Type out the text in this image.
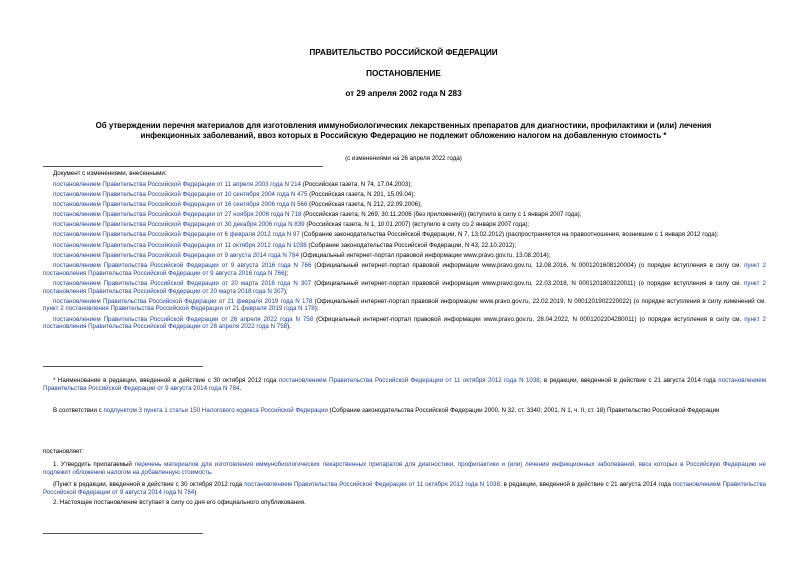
ПРАВИТЕЛЬСТВО РОССИЙСКОЙ ФЕДЕРАЦИИ
ПОСТАНОВЛЕНИЕ
от 29 апреля 2002 года N 283
Об утверждении перечня материалов для изготовления иммунобиологических лекарственных препаратов для диагностики, профилактики и (или) лечения инфекционных заболеваний, ввоз которых в Российскую Федерацию не подлежит обложению налогом на добавленную стоимость *
(с изменениями на 26 апреля 2022 года)
Документ с изменениями, внесенными:
постановлением Правительства Российской Федерации от 11 апреля 2003 года N 214 (Российская газета, N 74, 17.04.2003);
постановлением Правительства Российской Федерации от 10 сентября 2004 года N 475 (Российская газета, N 201, 15.09.04);
постановлением Правительства Российской Федерации от 16 сентября 2006 года N 566 (Российская газета, N 212, 22.09.2006);
постановлением Правительства Российской Федерации от 27 ноября 2006 года N 718 (Российская газета, N 269, 30.11.2006 (без приложений)) (вступило в силу с 1 января 2007 года);
постановлением Правительства Российской Федерации от 30 декабря 2006 года N 839 (Российская газета, N 1, 10.01.2007) (вступило в силу со 2 января 2007 года);
постановлением Правительства Российской Федерации от 6 февраля 2012 года N 97 (Собрание законодательства Российской Федерации, N 7, 13.02.2012) (распространяется на правоотношения, возникшие с 1 января 2012 года);
постановлением Правительства Российской Федерации от 11 октября 2012 года N 1038 (Собрание законодательства Российской Федерации, N 43, 22.10.2012);
постановлением Правительства Российской Федерации от 9 августа 2014 года N 784 (Официальный интернет-портал правовой информации www.pravo.gov.ru, 13.08.2014);
постановлением Правительства Российской Федерации от 9 августа 2016 года N 766 (Официальный интернет-портал правовой информации www.pravo.gov.ru, 12.08.2016, N 0001201608120004) (о порядке вступления в силу см. пункт 2 постановления Правительства Российской Федерации от 9 августа 2016 года N 766);
постановлением Правительства Российской Федерации от 20 марта 2018 года N 307 (Официальный интернет-портал правовой информации www.pravo.gov.ru, 22.03.2018, N 0001201803220011) (о порядке вступления в силу см. пункт 2 постановления Правительства Российской Федерации от 20 марта 2018 года N 307);
постановлением Правительства Российской Федерации от 21 февраля 2019 года N 178 (Официальный интернет-портал правовой информации www.pravo.gov.ru, 22.02.2019, N 0001201902220022) (о порядке вступления в силу изменений см. пункт 2 постановления Правительства Российской Федерации от 21 февраля 2019 года N 178);
постановлением Правительства Российской Федерации от 26 апреля 2022 года N 758 (Официальный интернет-портал правовой информации www.pravo.gov.ru, 28.04.2022, N 0001202204280011) (о порядке вступления в силу см. пункт 2 постановления Правительства Российской Федерации от 26 апреля 2022 года N 758).
* Наименование в редакции, введенной в действие с 30 октября 2012 года постановлением Правительства Российской Федерации от 11 октября 2012 года N 1038; в редакции, введенной в действие с 21 августа 2014 года постановлением Правительства Российской Федерации от 9 августа 2014 года N 784.
В соответствии с подпунктом 3 пункта 1 статьи 150 Налогового кодекса Российской Федерации (Собрание законодательства Российской Федерации 2000, N 32, ст. 3340; 2001, N 1, ч. II, ст. 18) Правительство Российской Федерации
постановляет:
1. Утвердить прилагаемый перечень материалов для изготовления иммунобиологических лекарственных препаратов для диагностики, профилактики и (или) лечения инфекционных заболеваний, ввоз которых в Российскую Федерацию не подлежит обложению налогом на добавленную стоимость.
(Пункт в редакции, введенной в действие с 30 октября 2012 года постановлением Правительства Российской Федерации от 11 октября 2012 года N 1038; в редакции, введенной в действие с 21 августа 2014 года постановлением Правительства Российской Федерации от 9 августа 2014 года N 784)
2. Настоящее постановление вступает в силу со дня его официального опубликования.
